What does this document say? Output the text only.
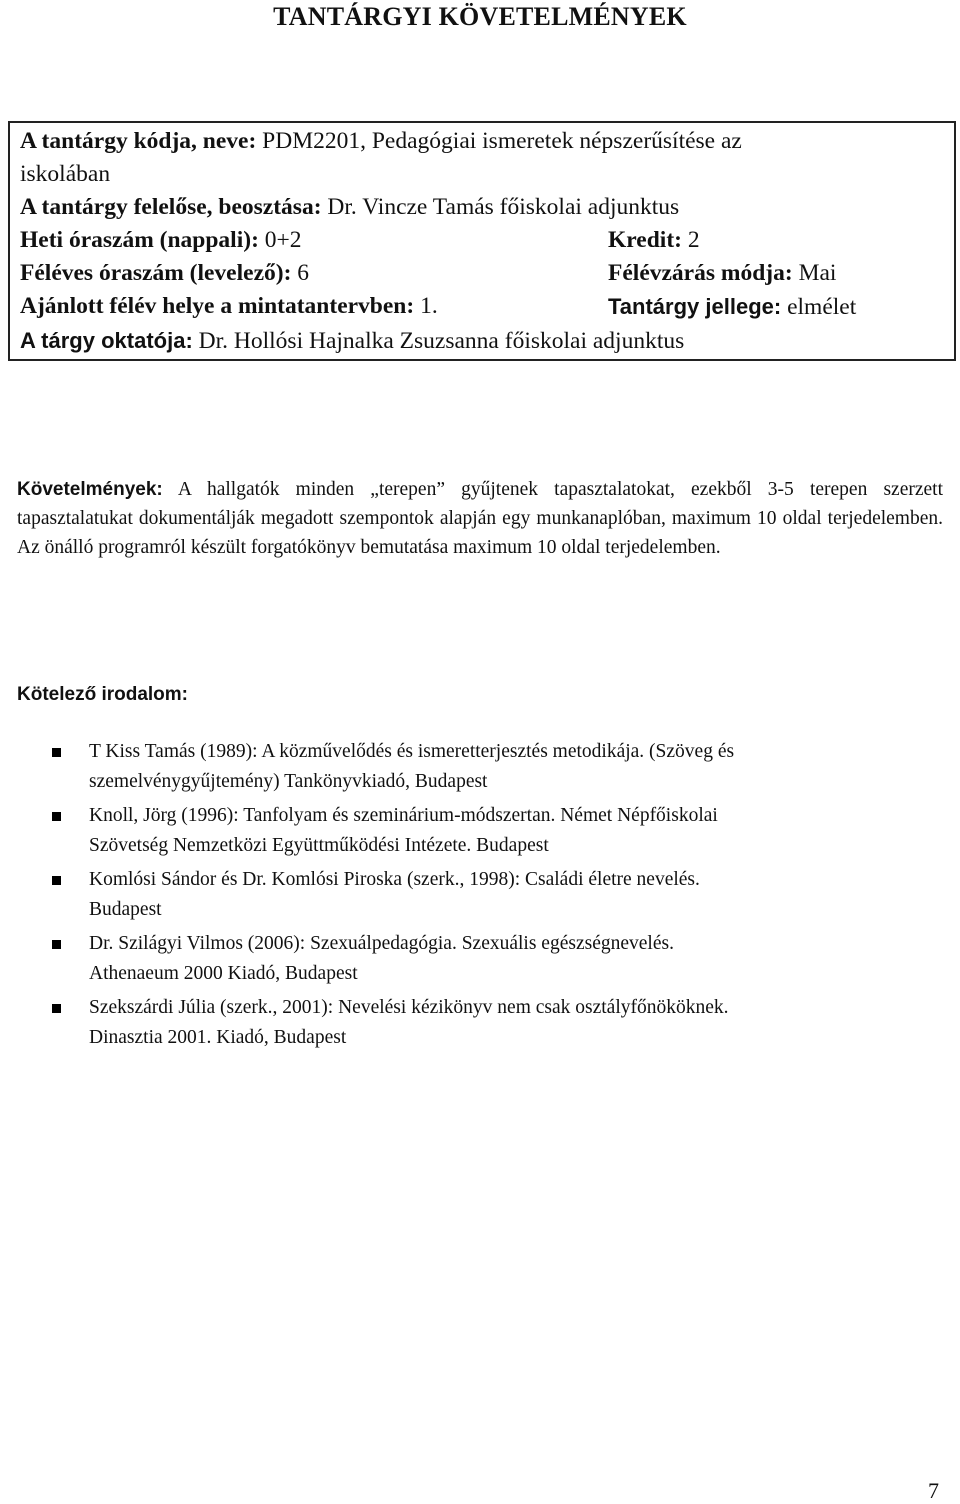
TANTÁRGYI KÖVETELMÉNYEK
A tantárgy kódja, neve: PDM2201, Pedagógiai ismeretek népszerűsítése az
iskolában
A tantárgy felelőse, beosztása: Dr. Vincze Tamás főiskolai adjunktus
Heti óraszám (nappali): 0+2	Kredit: 2
Féléves óraszám (levelező): 6	Félévzárás módja: Mai
Ajánlott félév helye a mintatantervben: 1.	Tantárgy jellege: elmélet
A tárgy oktatója: Dr. Hollósi Hajnalka Zsuzsanna főiskolai adjunktus
Követelmények: A hallgatók minden „terepen” gyűjtenek tapasztalatokat, ezekből 3-5 terepen szerzett tapasztalatukat dokumentálják megadott szempontok alapján egy munkanaplóban, maximum 10 oldal terjedelemben. Az önálló programról készült forgatókönyv bemutatása maximum 10 oldal terjedelemben.
Kötelező irodalom:
T Kiss Tamás (1989): A közművelődés és ismeretterjesztés metodikája. (Szöveg és
szemelvénygyűjtemény) Tankönyvkiadó, Budapest
Knoll, Jörg (1996): Tanfolyam és szeminárium-módszertan. Német Népfőiskolai
Szövetség Nemzetközi Együttműködési Intézete. Budapest
Komlósi Sándor és Dr. Komlósi Piroska (szerk., 1998): Családi életre nevelés.
Budapest
Dr. Szilágyi Vilmos (2006): Szexuálpedagógia. Szexuális egészségnevelés.
Athenaeum 2000 Kiadó, Budapest
Szekszárdi Júlia (szerk., 2001): Nevelési kézikönyv nem csak osztályfőnököknek.
Dinasztia 2001. Kiadó, Budapest
7
